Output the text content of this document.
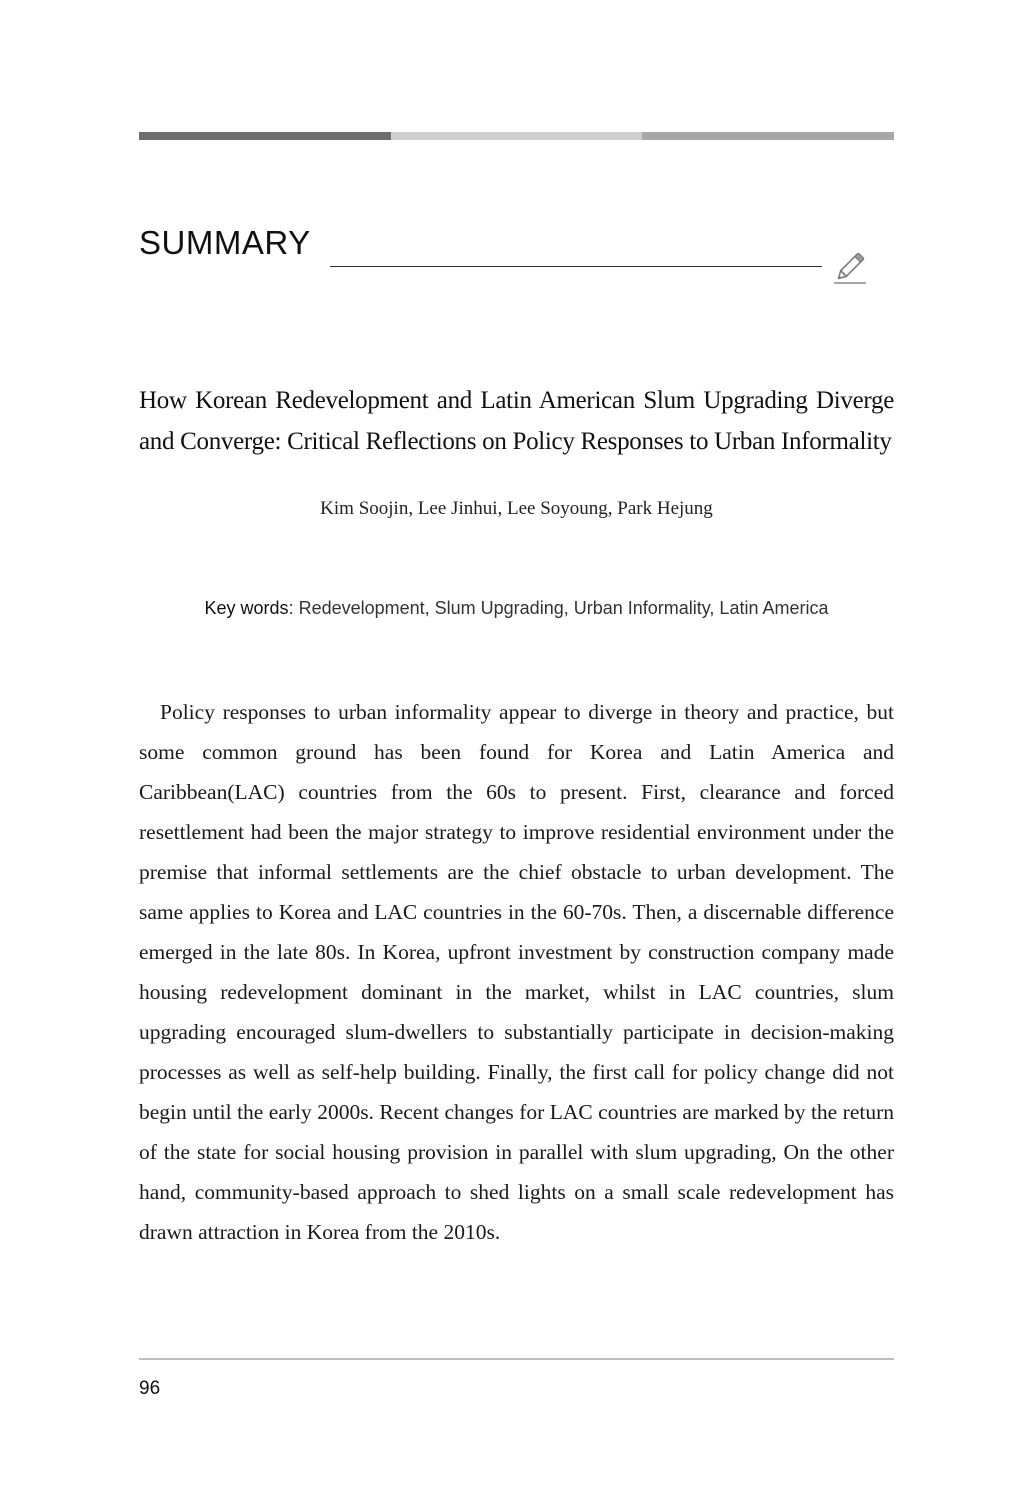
SUMMARY
How Korean Redevelopment and Latin American Slum Upgrading Diverge and Converge: Critical Reflections on Policy Responses to Urban Informality
Kim Soojin, Lee Jinhui, Lee Soyoung, Park Hejung
Key words: Redevelopment, Slum Upgrading, Urban Informality, Latin America

Policy responses to urban informality appear to diverge in theory and practice, but some common ground has been found for Korea and Latin America and Caribbean(LAC) countries from the 60s to present. First, clearance and forced resettlement had been the major strategy to improve residential environment under the premise that informal settlements are the chief obstacle to urban development. The same applies to Korea and LAC countries in the 60-70s. Then, a discernable difference emerged in the late 80s. In Korea, upfront investment by construction company made housing redevelopment dominant in the market, whilst in LAC countries, slum upgrading encouraged slum-dwellers to substantially participate in decision-making processes as well as self-help building. Finally, the first call for policy change did not begin until the early 2000s. Recent changes for LAC countries are marked by the return of the state for social housing provision in parallel with slum upgrading, On the other hand, community-based approach to shed lights on a small scale redevelopment has drawn attraction in Korea from the 2010s.

96
